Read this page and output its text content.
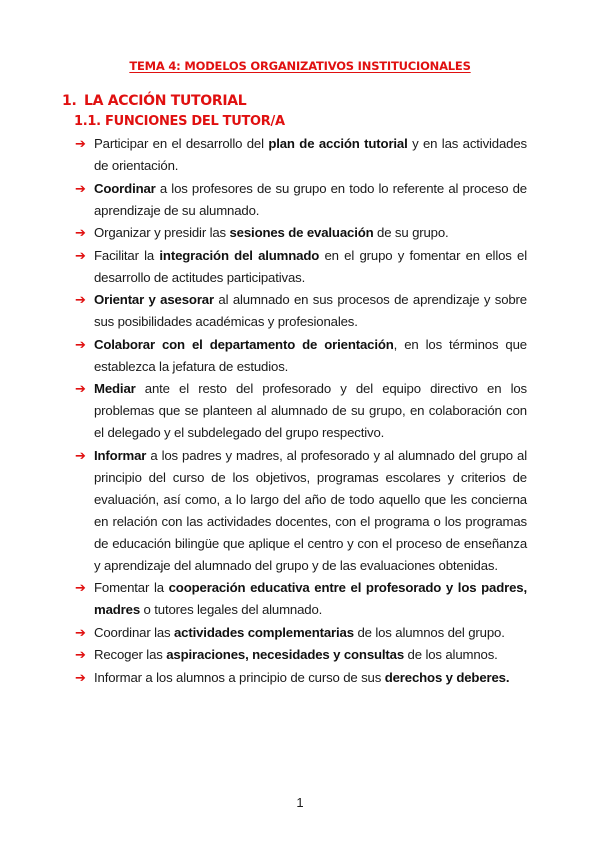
TEMA 4: MODELOS ORGANIZATIVOS INSTITUCIONALES
1. LA ACCIÓN TUTORIAL
1.1. FUNCIONES DEL TUTOR/A
➔ Participar en el desarrollo del plan de acción tutorial y en las actividades de orientación.
➔ Coordinar a los profesores de su grupo en todo lo referente al proceso de aprendizaje de su alumnado.
➔ Organizar y presidir las sesiones de evaluación de su grupo.
➔ Facilitar la integración del alumnado en el grupo y fomentar en ellos el desarrollo de actitudes participativas.
➔ Orientar y asesorar al alumnado en sus procesos de aprendizaje y sobre sus posibilidades académicas y profesionales.
➔ Colaborar con el departamento de orientación, en los términos que establezca la jefatura de estudios.
➔ Mediar ante el resto del profesorado y del equipo directivo en los problemas que se planteen al alumnado de su grupo, en colaboración con el delegado y el subdelegado del grupo respectivo.
➔ Informar a los padres y madres, al profesorado y al alumnado del grupo al principio del curso de los objetivos, programas escolares y criterios de evaluación, así como, a lo largo del año de todo aquello que les concierna en relación con las actividades docentes, con el programa o los programas de educación bilingüe que aplique el centro y con el proceso de enseñanza y aprendizaje del alumnado del grupo y de las evaluaciones obtenidas.
➔ Fomentar la cooperación educativa entre el profesorado y los padres, madres o tutores legales del alumnado.
➔ Coordinar las actividades complementarias de los alumnos del grupo.
➔ Recoger las aspiraciones, necesidades y consultas de los alumnos.
➔ Informar a los alumnos a principio de curso de sus derechos y deberes.
1
